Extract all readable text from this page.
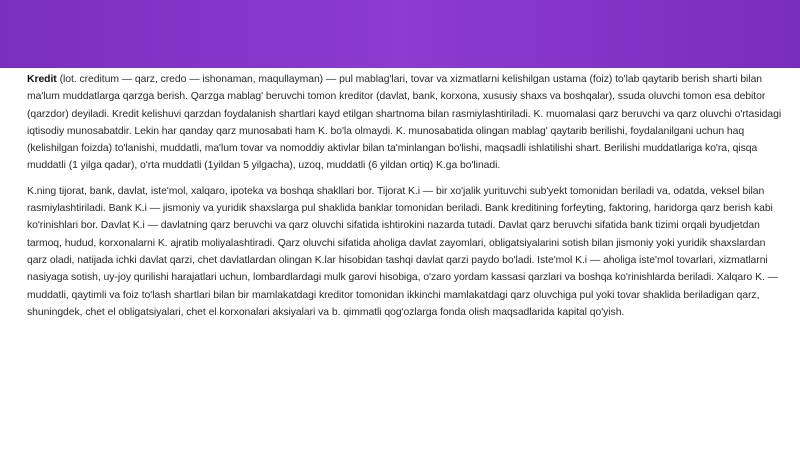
Kredit (lot. creditum — qarz, credo — ishonaman, maqullayman) — pul mablag'lari, tovar va xizmatlarni kelishilgan ustama (foiz) to'lab qaytarib berish sharti bilan ma'lum muddatlarga qarzga berish. Qarzga mablag' beruvchi tomon kreditor (davlat, bank, korxona, xususiy shaxs va boshqalar), ssuda oluvchi tomon esa debitor (qarzdor) deyiladi. Kredit kelishuvi qarzdan foydalanish shartlari kayd etilgan shartnoma bilan rasmiylashtiriladi. K. muomalasi qarz beruvchi va qarz oluvchi o'rtasidagi iqtisodiy munosabatdir. Lekin har qanday qarz munosabati ham K. bo'la olmaydi. K. munosabatida olingan mablag' qaytarib berilishi, foydalanilgani uchun haq (kelishilgan foizda) to'lanishi, muddatli, ma'lum tovar va nomoddiy aktivlar bilan ta'minlangan bo'lishi, maqsadli ishlatilishi shart. Berilishi muddatlariga ko'ra, qisqa muddatli (1 yilga qadar), o'rta muddatli (1yildan 5 yilgacha), uzoq, muddatli (6 yildan ortiq) K.ga bo'linadi.

K.ning tijorat, bank, davlat, iste'mol, xalqaro, ipoteka va boshqa shakllari bor. Tijorat K.i — bir xo'jalik yurituvchi sub'yekt tomonidan beriladi va, odatda, veksel bilan rasmiylashtiriladi. Bank K.i — jismoniy va yuridik shaxslarga pul shaklida banklar tomonidan beriladi. Bank kreditining forfeyting, faktoring, haridorga qarz berish kabi ko'rinishlari bor. Davlat K.i — davlatning qarz beruvchi va qarz oluvchi sifatida ishtirokini nazarda tutadi. Davlat qarz beruvchi sifatida bank tizimi orqali byudjetdan tarmoq, hudud, korxonalarni K. ajratib moliyalashtiradi. Qarz oluvchi sifatida aholiga davlat zayomlari, obligatsiyalarini sotish bilan jismoniy yoki yuridik shaxslardan qarz oladi, natijada ichki davlat qarzi, chet davlatlardan olingan K.lar hisobidan tashqi davlat qarzi paydo bo'ladi. Iste'mol K.i — aholiga iste'mol tovarlari, xizmatlarni nasiyaga sotish, uy-joy qurilishi harajatlari uchun, lombardlardagi mulk garovi hisobiga, o'zaro yordam kassasi qarzlari va boshqa ko'rinishlarda beriladi. Xalqaro K. — muddatli, qaytimli va foiz to'lash shartlari bilan bir mamlakatdagi kreditor tomonidan ikkinchi mamlakatdagi qarz oluvchiga pul yoki tovar shaklida beriladigan qarz, shuningdek, chet el obligatsiyalari, chet el korxonalari aksiyalari va b. qimmatli qog'ozlarga fonda olish maqsadlarida kapital qo'yish.
